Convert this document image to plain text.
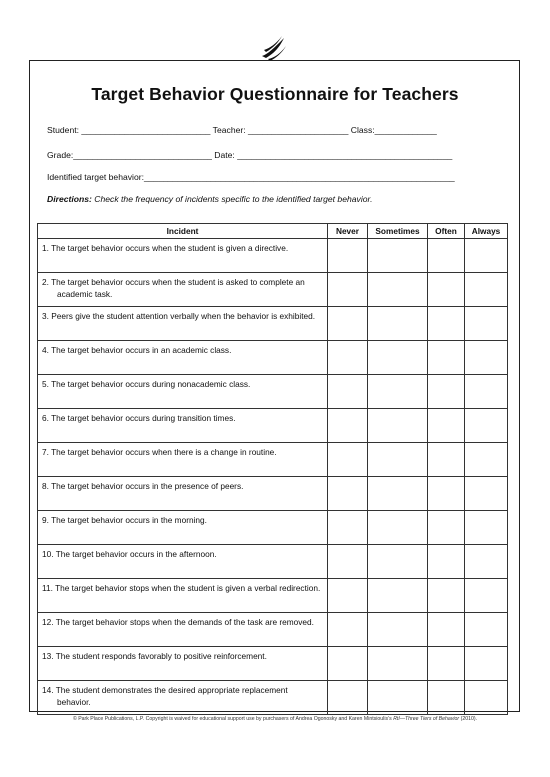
Target Behavior Questionnaire for Teachers
Student: ___________________________ Teacher: _____________________ Class:_____________
Grade:_____________________________ Date: _____________________________________________
Identified target behavior:_________________________________________________________________
Directions: Check the frequency of incidents specific to the identified target behavior.
Incident	Never	Sometimes	Often	Always

1. The target behavior occurs when the student is given a directive.				

2. The target behavior occurs when the student is asked to complete an academic task.				

3. Peers give the student attention verbally when the behavior is exhibited.				

4. The target behavior occurs in an academic class.				

5. The target behavior occurs during nonacademic class.				

6. The target behavior occurs during transition times.				

7. The target behavior occurs when there is a change in routine.				

8. The target behavior occurs in the presence of peers.				

9. The target behavior occurs in the morning.				

10. The target behavior occurs in the afternoon.				

11. The target behavior stops when the student is given a verbal redirection.				

12. The target behavior stops when the demands of the task are removed.				

13. The student responds favorably to positive reinforcement.				

14. The student demonstrates the desired appropriate replacement behavior.				

© Park Place Publications, L.P. Copyright is waived for educational support use by purchasers of Andrea Ogonosky and Karen Mintsioulis’s RtI—Three Tiers of Behavior (2010).
